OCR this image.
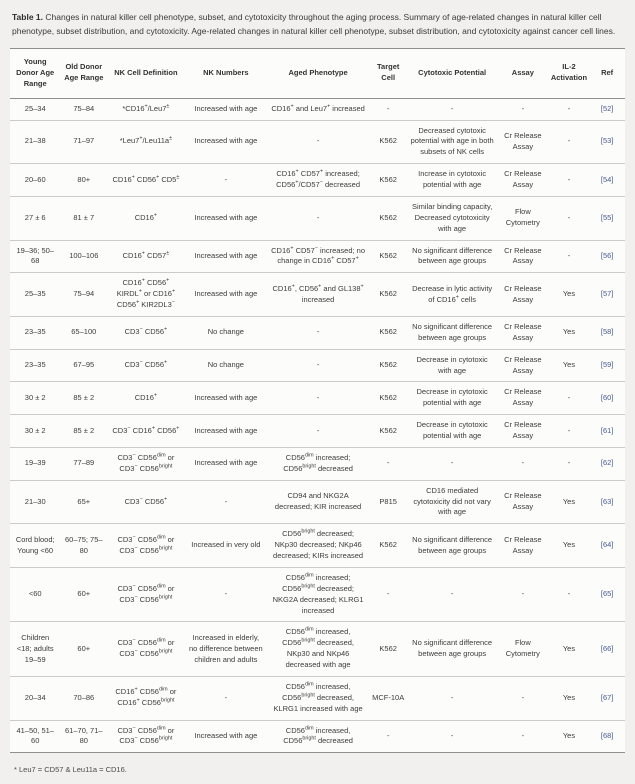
Table 1. Changes in natural killer cell phenotype, subset, and cytotoxicity throughout the aging process. Summary of age-related changes in natural killer cell phenotype, subset distribution, and cytotoxicity. Age-related changes in natural killer cell phenotype, subset distribution, and cytotoxicity against cancer cell lines.

Young Donor Age Range	Old Donor Age Range	NK Cell Definition	NK Numbers	Aged Phenotype	Target Cell	Cytotoxic Potential	Assay	IL-2 Activation	Ref
25–34	75–84	*CD16+/Leu7±	Increased with age	CD16+ and Leu7+ increased	-	-	-	-	[52]
21–38	71–97	*Leu7+/Leu11a±	Increased with age	-	K562	Decreased cytotoxic potential with age in both subsets of NK cells	Cr Release Assay	-	[53]
20–60	80+	CD16+ CD56+ CD5±	-	CD16+ CD57+ increased; CD56+/CD57− decreased	K562	Increase in cytotoxic potential with age	Cr Release Assay	-	[54]
27 ± 6	81 ± 7	CD16+	Increased with age	-	K562	Similar binding capacity, Decreased cytotoxicity with age	Flow Cytometry	-	[55]
19–36; 50–68	100–106	CD16+ CD57±	Increased with age	CD16+ CD57− increased; no change in CD16+ CD57+	K562	No significant difference between age groups	Cr Release Assay	-	[56]
25–35	75–94	CD16+ CD56+ KIRDL+ or CD16+ CD56+ KIR2DL3−	Increased with age	CD16+, CD56+ and GL138+ increased	K562	Decrease in lytic activity of CD16+ cells	Cr Release Assay	Yes	[57]
23–35	65–100	CD3− CD56+	No change	-	K562	No significant difference between age groups	Cr Release Assay	Yes	[58]
23–35	67–95	CD3− CD56+	No change	-	K562	Decrease in cytotoxic with age	Cr Release Assay	Yes	[59]
30 ± 2	85 ± 2	CD16+	Increased with age	-	K562	Decrease in cytotoxic potential with age	Cr Release Assay	-	[60]
30 ± 2	85 ± 2	CD3− CD16+ CD56+	Increased with age	-	K562	Decrease in cytotoxic potential with age	Cr Release Assay	-	[61]
19–39	77–89	CD3− $CD56^{dim}$ or CD3− $CD56^{bright}$	Increased with age	$CD56^{dim}$ increased; $CD56^{bright}$ decreased	-	-	-	-	[62]
21–30	65+	CD3− CD56+	-	CD94 and NKG2A decreased; KIR increased	P815	CD16 mediated cytotoxicity did not vary with age	Cr Release Assay	Yes	[63]
Cord blood; Young <60	60–75; 75–80	CD3− $CD56^{dim}$ or CD3− $CD56^{bright}$	Increased in very old	$CD56^{bright}$ decreased; NKp30 decreased; NKp46 decreased; KIRs increased	K562	No significant difference between age groups	Cr Release Assay	Yes	[64]
<60	60+	CD3− $CD56^{dim}$ or CD3− $CD56^{bright}$	-	$CD56^{dim}$ increased; $CD56^{bright}$ decreased; NKG2A decreased; KLRG1 increased	-	-	-	-	[65]
Children <18; adults 19–59	60+	CD3− $CD56^{dim}$ or CD3− $CD56^{bright}$	Increased in elderly, no difference between children and adults	$CD56^{dim}$ increased, $CD56^{bright}$ decreased, NKp30 and NKp46 decreased with age	K562	No significant difference between age groups	Flow Cytometry	Yes	[66]
20–34	70–86	CD16+ $CD56^{dim}$ or CD16+ $CD56^{bright}$	-	$CD56^{dim}$ increased, $CD56^{bright}$ decreased, KLRG1 increased with age	MCF-10A	-	-	Yes	[67]
41–50, 51–60	61–70, 71–80	CD3− $CD56^{dim}$ or CD3− $CD56^{bright}$	Increased with age	$CD56^{dim}$ increased, $CD56^{bright}$ decreased	-	-	-	Yes	[68]

* Leu7 = CD57 & Leu11a = CD16.
